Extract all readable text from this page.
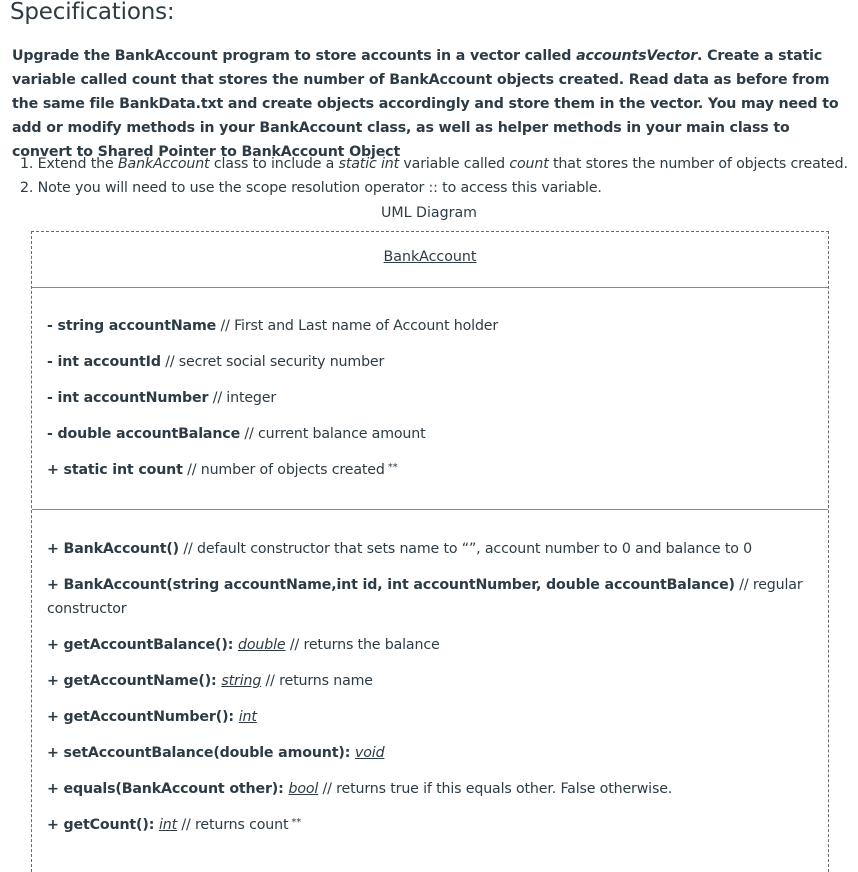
Specifications:

Upgrade the BankAccount program to store accounts in a vector called accountsVector. Create a static variable called count that stores the number of BankAccount objects created. Read data as before from the same file BankData.txt and create objects accordingly and store them in the vector. You may need to add or modify methods in your BankAccount class, as well as helper methods in your main class to convert to Shared Pointer to BankAccount Object

1. Extend the BankAccount class to include a static int variable called count that stores the number of objects created.
2. Note you will need to use the scope resolution operator :: to access this variable.
UML Diagram
BankAccount
- string accountName // First and Last name of Account holder
- int accountId // secret social security number
- int accountNumber // integer
- double accountBalance // current balance amount
+ static int count // number of objects created **
+ BankAccount() // default constructor that sets name to “”, account number to 0 and balance to 0
+ BankAccount(string accountName,int id, int accountNumber, double accountBalance) // regular constructor
+ getAccountBalance(): double // returns the balance
+ getAccountName(): string // returns name
+ getAccountNumber(): int
+ setAccountBalance(double amount): void
+ equals(BankAccount other): bool // returns true if this equals other. False otherwise.
+ getCount(): int // returns count **
